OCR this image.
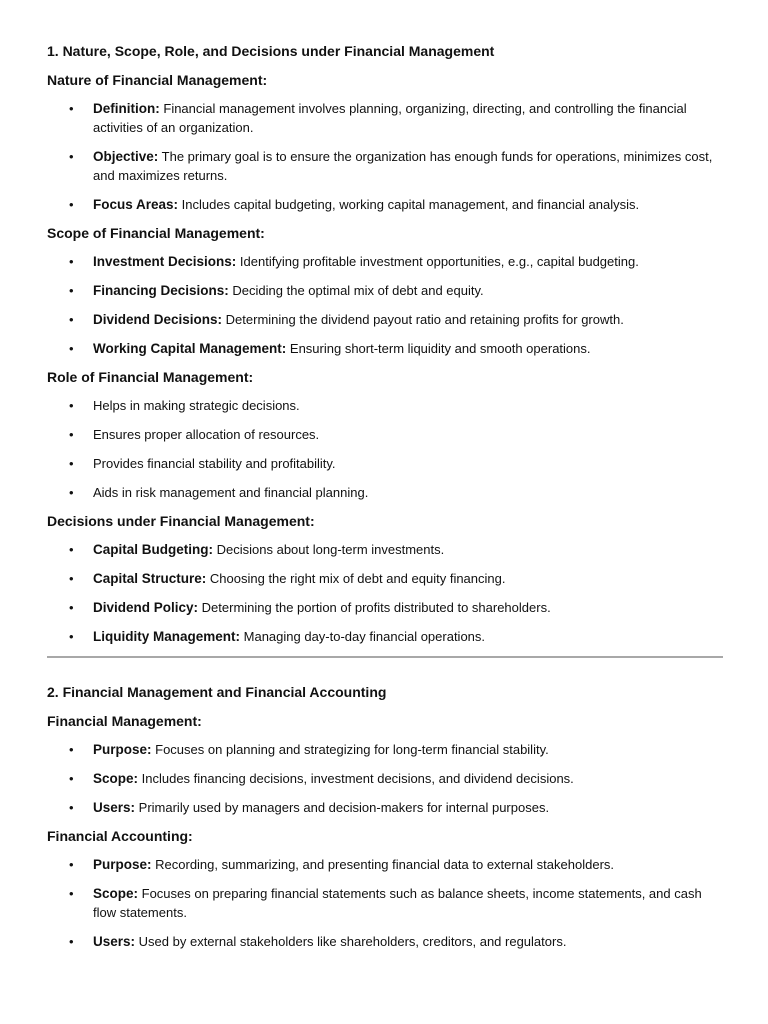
1. Nature, Scope, Role, and Decisions under Financial Management
Nature of Financial Management:
• Definition: Financial management involves planning, organizing, directing, and controlling the financial activities of an organization.
• Objective: The primary goal is to ensure the organization has enough funds for operations, minimizes cost, and maximizes returns.
• Focus Areas: Includes capital budgeting, working capital management, and financial analysis.
Scope of Financial Management:
• Investment Decisions: Identifying profitable investment opportunities, e.g., capital budgeting.
• Financing Decisions: Deciding the optimal mix of debt and equity.
• Dividend Decisions: Determining the dividend payout ratio and retaining profits for growth.
• Working Capital Management: Ensuring short-term liquidity and smooth operations.
Role of Financial Management:
• Helps in making strategic decisions.
• Ensures proper allocation of resources.
• Provides financial stability and profitability.
• Aids in risk management and financial planning.
Decisions under Financial Management:
• Capital Budgeting: Decisions about long-term investments.
• Capital Structure: Choosing the right mix of debt and equity financing.
• Dividend Policy: Determining the portion of profits distributed to shareholders.
• Liquidity Management: Managing day-to-day financial operations.
2. Financial Management and Financial Accounting
Financial Management:
• Purpose: Focuses on planning and strategizing for long-term financial stability.
• Scope: Includes financing decisions, investment decisions, and dividend decisions.
• Users: Primarily used by managers and decision-makers for internal purposes.
Financial Accounting:
• Purpose: Recording, summarizing, and presenting financial data to external stakeholders.
• Scope: Focuses on preparing financial statements such as balance sheets, income statements, and cash flow statements.
• Users: Used by external stakeholders like shareholders, creditors, and regulators.
